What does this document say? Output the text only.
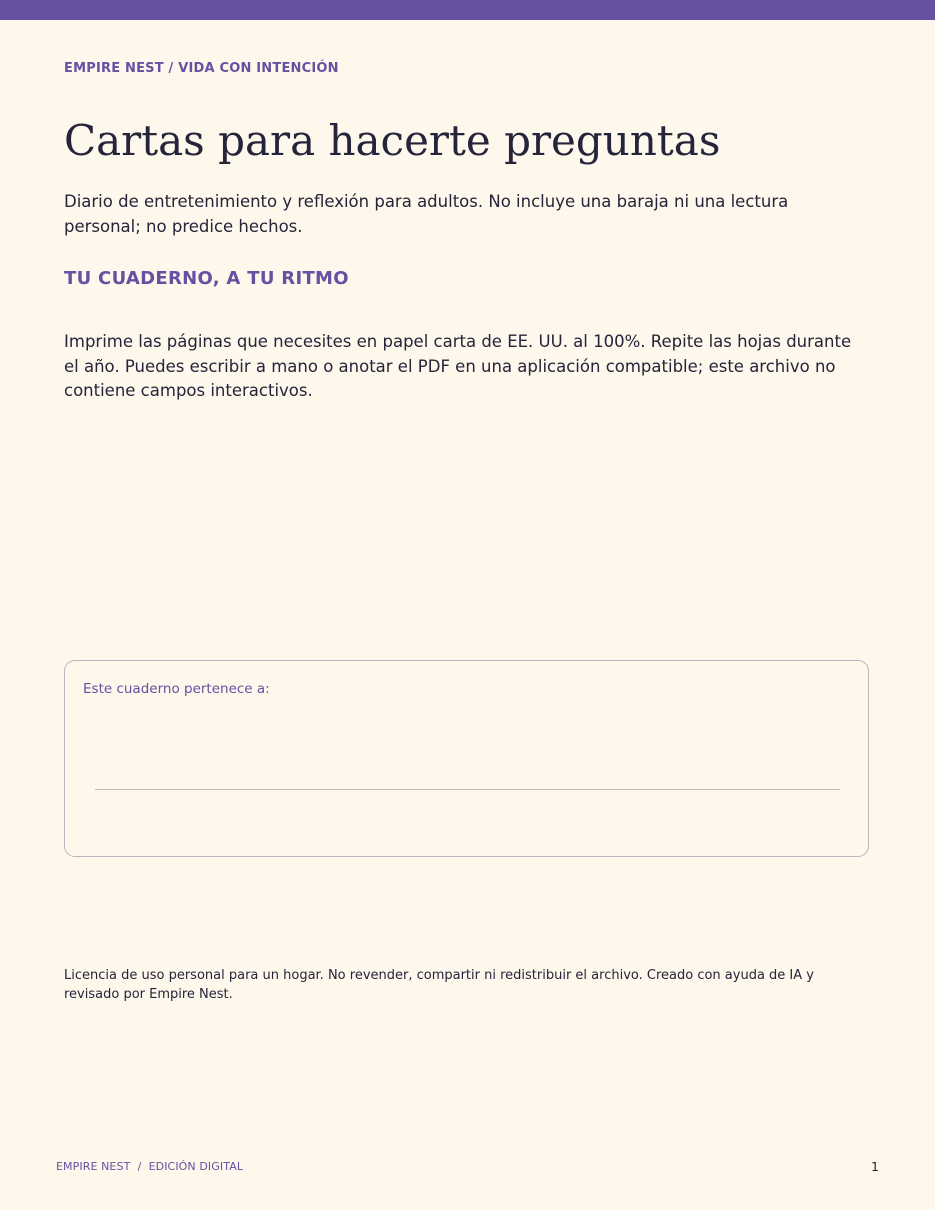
EMPIRE NEST / VIDA CON INTENCIÓN
Cartas para hacerte preguntas

Diario de entretenimiento y reflexión para adultos. No incluye una baraja ni una lectura personal; no predice hechos.

TU CUADERNO, A TU RITMO

Imprime las páginas que necesites en papel carta de EE. UU. al 100%. Repite las hojas durante el año. Puedes escribir a mano o anotar el PDF en una aplicación compatible; este archivo no contiene campos interactivos.

Este cuaderno pertenece a:

Licencia de uso personal para un hogar. No revender, compartir ni redistribuir el archivo. Creado con ayuda de IA y revisado por Empire Nest.

EMPIRE NEST  /  EDICIÓN DIGITAL	1
